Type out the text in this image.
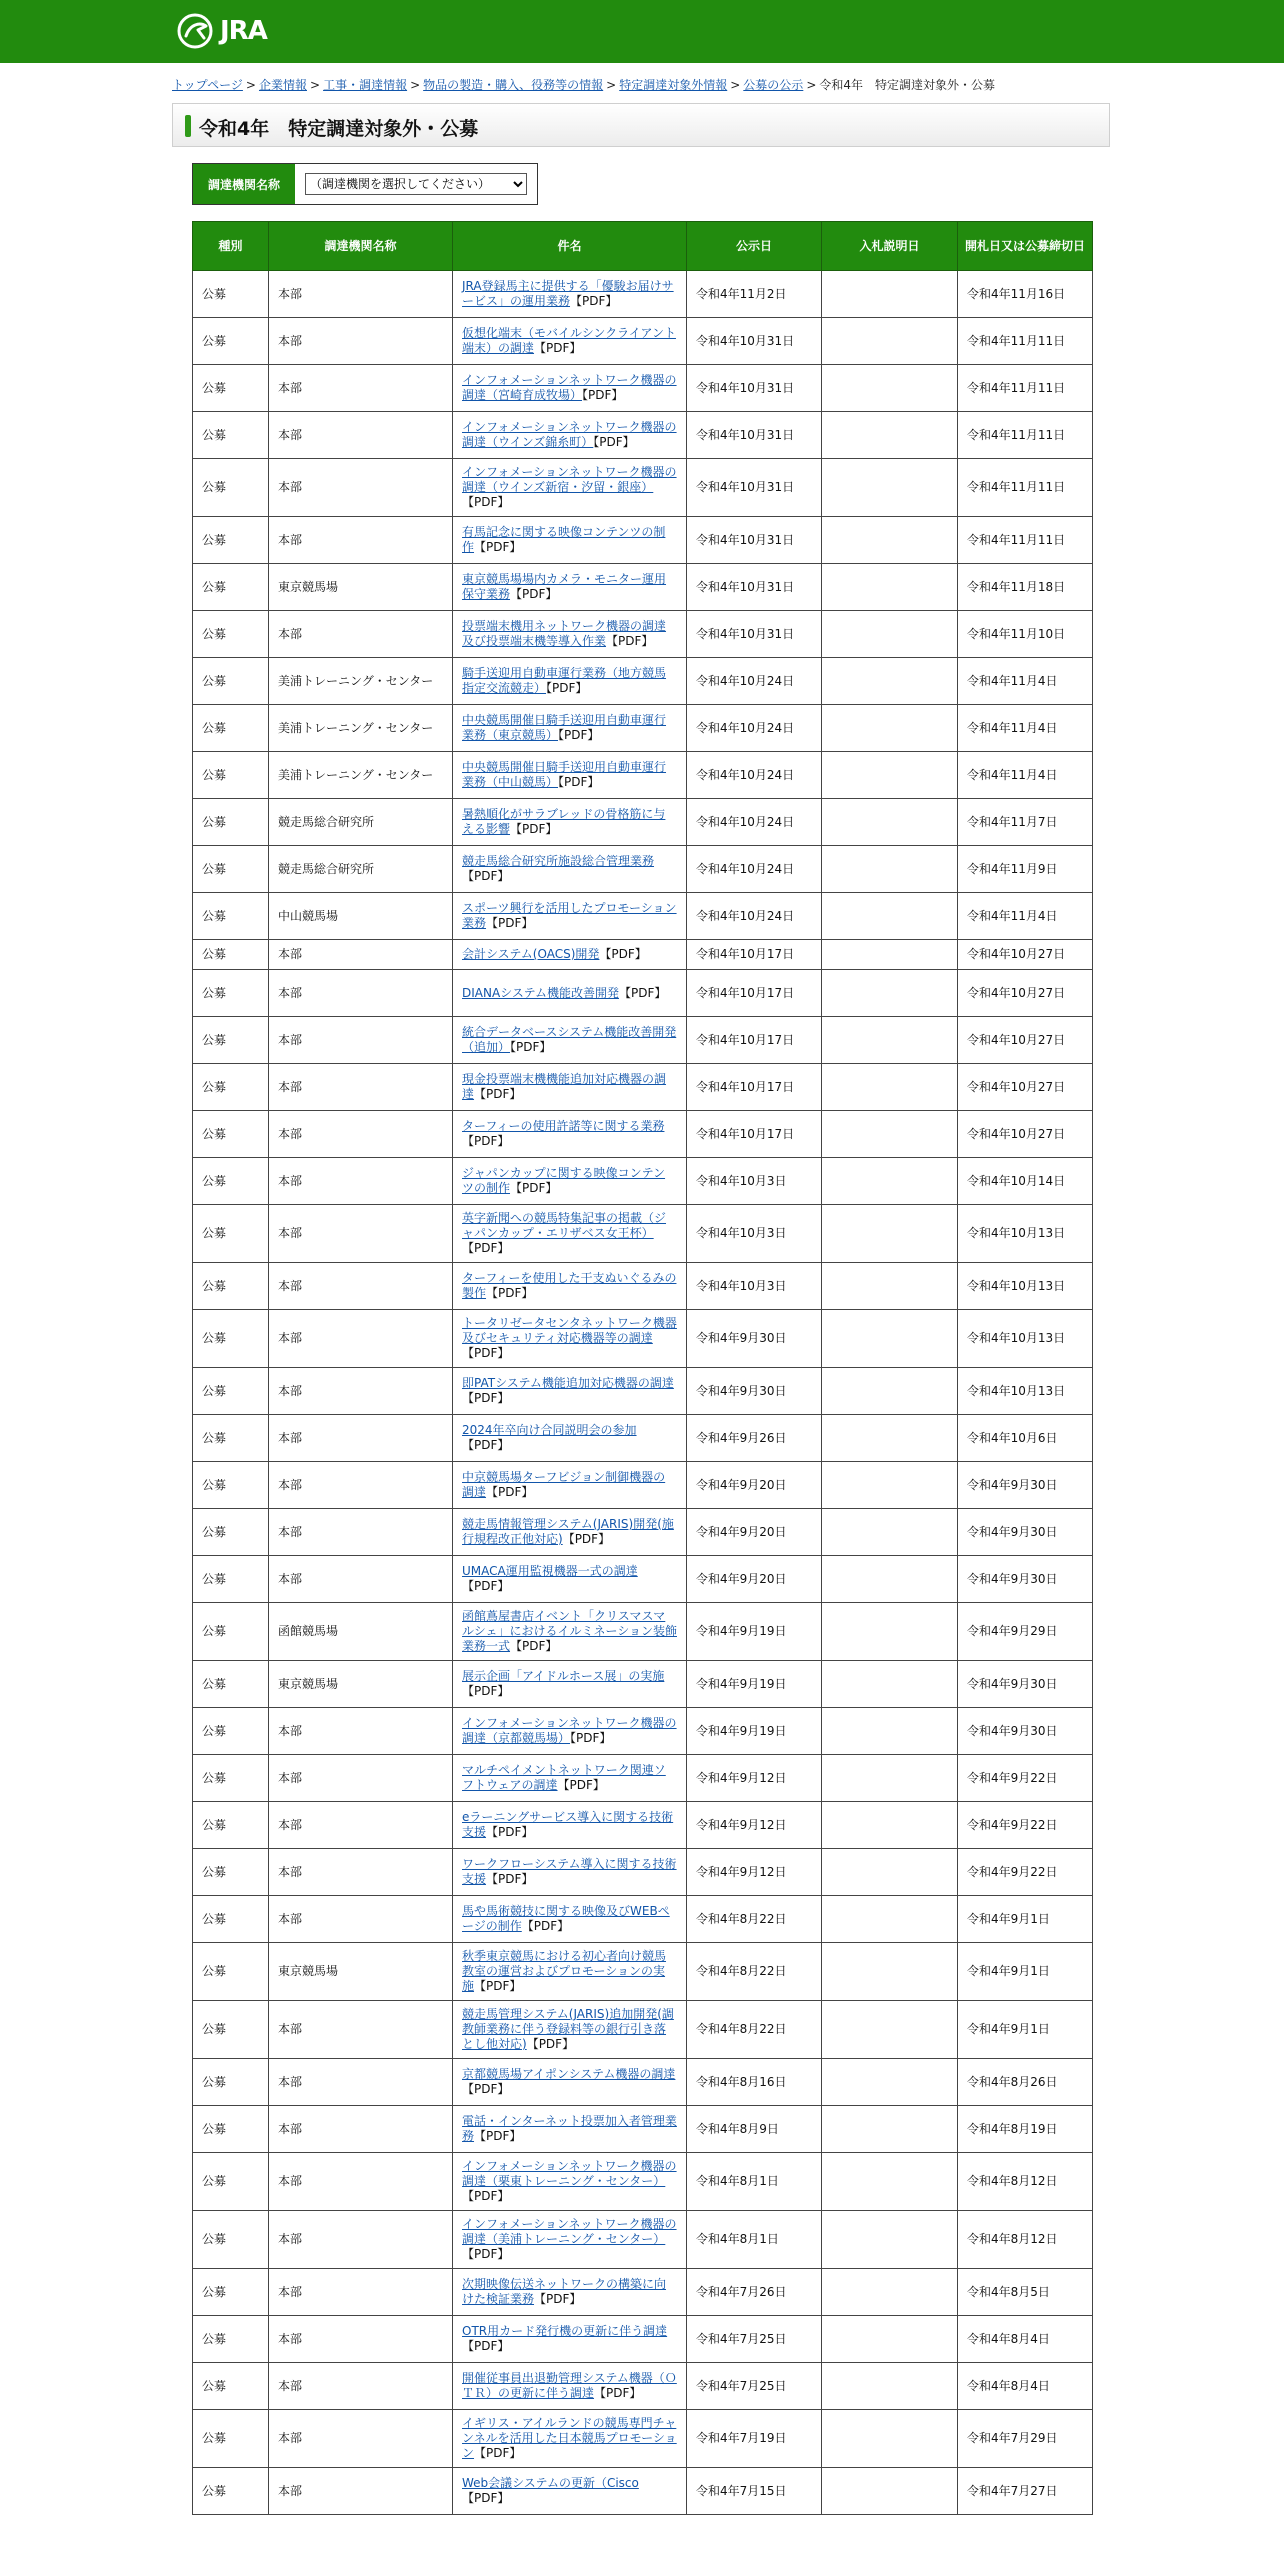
JRA
トップページ > 企業情報 > 工事・調達情報 > 物品の製造・購入、役務等の情報 > 特定調達対象外情報 > 公募の公示 > 令和4年　特定調達対象外・公募
令和4年　特定調達対象外・公募
調達機関名称
（調達機関を選択してください）
種別	調達機関名称	件名	公示日	入札説明日	開札日又は公募締切日
公募	本部	JRA登録馬主に提供する「優駿お届けサービス」の運用業務【PDF】	令和4年11月2日		令和4年11月16日
公募	本部	仮想化端末（モバイルシンクライアント端末）の調達【PDF】	令和4年10月31日		令和4年11月11日
公募	本部	インフォメーションネットワーク機器の調達（宮崎育成牧場）【PDF】	令和4年10月31日		令和4年11月11日
公募	本部	インフォメーションネットワーク機器の調達（ウインズ錦糸町）【PDF】	令和4年10月31日		令和4年11月11日
公募	本部	インフォメーションネットワーク機器の調達（ウインズ新宿・汐留・銀座）【PDF】	令和4年10月31日		令和4年11月11日
公募	本部	有馬記念に関する映像コンテンツの制作【PDF】	令和4年10月31日		令和4年11月11日
公募	東京競馬場	東京競馬場場内カメラ・モニター運用保守業務【PDF】	令和4年10月31日		令和4年11月18日
公募	本部	投票端末機用ネットワーク機器の調達及び投票端末機等導入作業【PDF】	令和4年10月31日		令和4年11月10日
公募	美浦トレーニング・センター	騎手送迎用自動車運行業務（地方競馬指定交流競走）【PDF】	令和4年10月24日		令和4年11月4日
公募	美浦トレーニング・センター	中央競馬開催日騎手送迎用自動車運行業務（東京競馬）【PDF】	令和4年10月24日		令和4年11月4日
公募	美浦トレーニング・センター	中央競馬開催日騎手送迎用自動車運行業務（中山競馬）【PDF】	令和4年10月24日		令和4年11月4日
公募	競走馬総合研究所	暑熱順化がサラブレッドの骨格筋に与える影響【PDF】	令和4年10月24日		令和4年11月7日
公募	競走馬総合研究所	競走馬総合研究所施設総合管理業務【PDF】	令和4年10月24日		令和4年11月9日
公募	中山競馬場	スポーツ興行を活用したプロモーション業務【PDF】	令和4年10月24日		令和4年11月4日
公募	本部	会計システム(OACS)開発【PDF】	令和4年10月17日		令和4年10月27日
公募	本部	DIANAシステム機能改善開発【PDF】	令和4年10月17日		令和4年10月27日
公募	本部	統合データベースシステム機能改善開発（追加）【PDF】	令和4年10月17日		令和4年10月27日
公募	本部	現金投票端末機機能追加対応機器の調達【PDF】	令和4年10月17日		令和4年10月27日
公募	本部	ターフィーの使用許諾等に関する業務【PDF】	令和4年10月17日		令和4年10月27日
公募	本部	ジャパンカップに関する映像コンテンツの制作【PDF】	令和4年10月3日		令和4年10月14日
公募	本部	英字新聞への競馬特集記事の掲載（ジャパンカップ・エリザベス女王杯）【PDF】	令和4年10月3日		令和4年10月13日
公募	本部	ターフィーを使用した干支ぬいぐるみの製作【PDF】	令和4年10月3日		令和4年10月13日
公募	本部	トータリゼータセンタネットワーク機器及びセキュリティ対応機器等の調達【PDF】	令和4年9月30日		令和4年10月13日
公募	本部	即PATシステム機能追加対応機器の調達【PDF】	令和4年9月30日		令和4年10月13日
公募	本部	2024年卒向け合同説明会の参加【PDF】	令和4年9月26日		令和4年10月6日
公募	本部	中京競馬場ターフビジョン制御機器の調達【PDF】	令和4年9月20日		令和4年9月30日
公募	本部	競走馬情報管理システム(JARIS)開発(施行規程改正他対応)【PDF】	令和4年9月20日		令和4年9月30日
公募	本部	UMACA運用監視機器一式の調達【PDF】	令和4年9月20日		令和4年9月30日
公募	函館競馬場	函館蔦屋書店イベント「クリスマスマルシェ」におけるイルミネーション装飾業務一式【PDF】	令和4年9月19日		令和4年9月29日
公募	東京競馬場	展示企画「アイドルホース展」の実施【PDF】	令和4年9月19日		令和4年9月30日
公募	本部	インフォメーションネットワーク機器の調達（京都競馬場）【PDF】	令和4年9月19日		令和4年9月30日
公募	本部	マルチペイメントネットワーク関連ソフトウェアの調達【PDF】	令和4年9月12日		令和4年9月22日
公募	本部	eラーニングサービス導入に関する技術支援【PDF】	令和4年9月12日		令和4年9月22日
公募	本部	ワークフローシステム導入に関する技術支援【PDF】	令和4年9月12日		令和4年9月22日
公募	本部	馬や馬術競技に関する映像及びWEBページの制作【PDF】	令和4年8月22日		令和4年9月1日
公募	東京競馬場	秋季東京競馬における初心者向け競馬教室の運営およびプロモーションの実施【PDF】	令和4年8月22日		令和4年9月1日
公募	本部	競走馬管理システム(JARIS)追加開発(調教師業務に伴う登録料等の銀行引き落とし他対応)【PDF】	令和4年8月22日		令和4年9月1日
公募	本部	京都競馬場アイポンシステム機器の調達【PDF】	令和4年8月16日		令和4年8月26日
公募	本部	電話・インターネット投票加入者管理業務【PDF】	令和4年8月9日		令和4年8月19日
公募	本部	インフォメーションネットワーク機器の調達（栗東トレーニング・センター）【PDF】	令和4年8月1日		令和4年8月12日
公募	本部	インフォメーションネットワーク機器の調達（美浦トレーニング・センター）【PDF】	令和4年8月1日		令和4年8月12日
公募	本部	次期映像伝送ネットワークの構築に向けた検証業務【PDF】	令和4年7月26日		令和4年8月5日
公募	本部	OTR用カード発行機の更新に伴う調達【PDF】	令和4年7月25日		令和4年8月4日
公募	本部	開催従事員出退勤管理システム機器（ＯＴＲ）の更新に伴う調達【PDF】	令和4年7月25日		令和4年8月4日
公募	本部	イギリス・アイルランドの競馬専門チャンネルを活用した日本競馬プロモーション【PDF】	令和4年7月19日		令和4年7月29日
公募	本部	Web会議システムの更新（Cisco【PDF】	令和4年7月15日		令和4年7月27日
